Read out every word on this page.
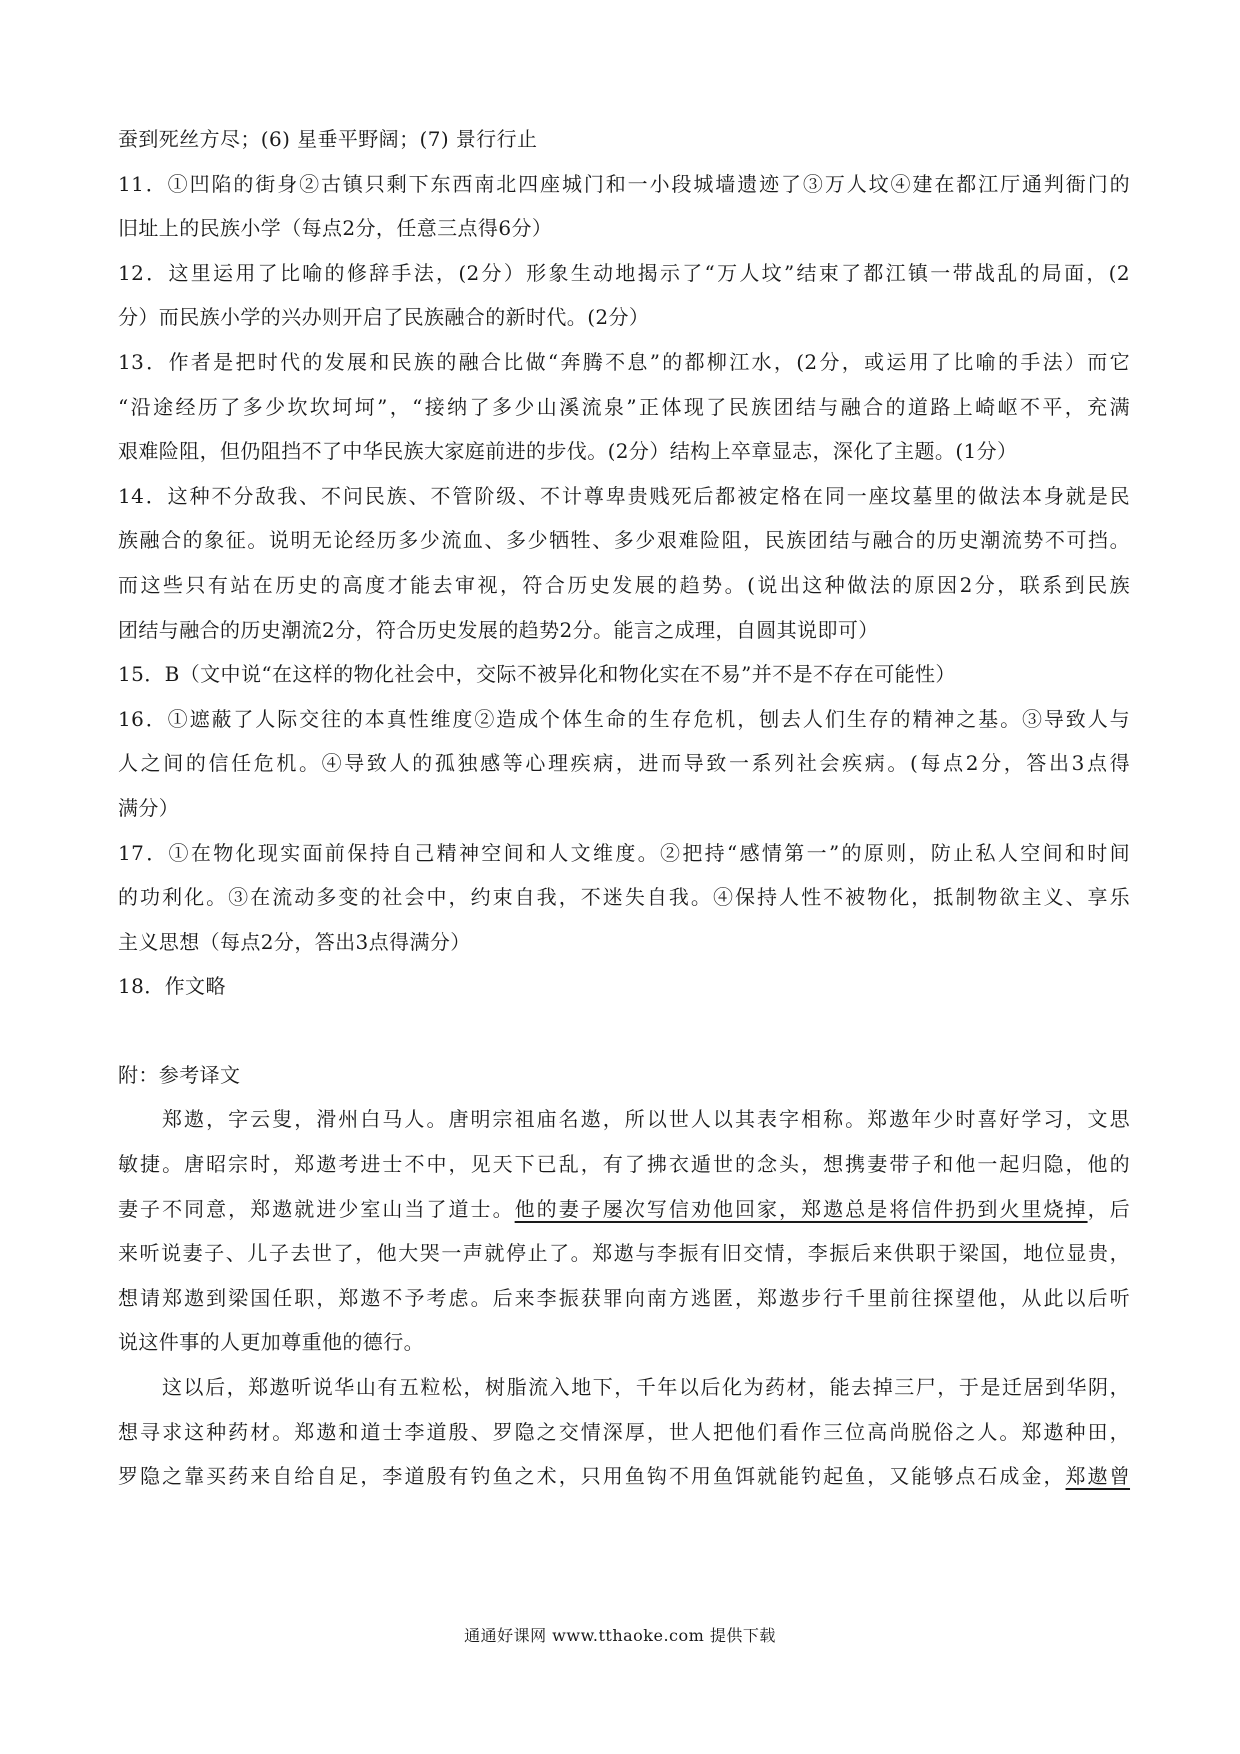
蚕到死丝方尽；(6) 星垂平野阔；(7) 景行行止
11．①凹陷的街身②古镇只剩下东西南北四座城门和一小段城墙遗迹了③万人坟④建在都江厅通判衙门的
旧址上的民族小学（每点2分，任意三点得6分）
12．这里运用了比喻的修辞手法，(2分）形象生动地揭示了“万人坟”结束了都江镇一带战乱的局面，(2
分）而民族小学的兴办则开启了民族融合的新时代。(2分）
13．作者是把时代的发展和民族的融合比做“奔腾不息”的都柳江水，(2分，或运用了比喻的手法）而它
“沿途经历了多少坎坎坷坷”，“接纳了多少山溪流泉”正体现了民族团结与融合的道路上崎岖不平，充满
艰难险阻，但仍阻挡不了中华民族大家庭前进的步伐。(2分）结构上卒章显志，深化了主题。(1分）
14．这种不分敌我、不问民族、不管阶级、不计尊卑贵贱死后都被定格在同一座坟墓里的做法本身就是民
族融合的象征。说明无论经历多少流血、多少牺牲、多少艰难险阻，民族团结与融合的历史潮流势不可挡。
而这些只有站在历史的高度才能去审视，符合历史发展的趋势。(说出这种做法的原因2分，联系到民族
团结与融合的历史潮流2分，符合历史发展的趋势2分。能言之成理，自圆其说即可）
15．B（文中说“在这样的物化社会中，交际不被异化和物化实在不易”并不是不存在可能性）
16．①遮蔽了人际交往的本真性维度②造成个体生命的生存危机，刨去人们生存的精神之基。③导致人与
人之间的信任危机。④导致人的孤独感等心理疾病，进而导致一系列社会疾病。(每点2分，答出3点得
满分）
17．①在物化现实面前保持自己精神空间和人文维度。②把持“感情第一”的原则，防止私人空间和时间
的功利化。③在流动多变的社会中，约束自我，不迷失自我。④保持人性不被物化，抵制物欲主义、享乐
主义思想（每点2分，答出3点得满分）
18．作文略
附：参考译文
郑遨，字云叟，滑州白马人。唐明宗祖庙名遨，所以世人以其表字相称。郑遨年少时喜好学习，文思
敏捷。唐昭宗时，郑遨考进士不中，见天下已乱，有了拂衣遁世的念头，想携妻带子和他一起归隐，他的
妻子不同意，郑遨就进少室山当了道士。他的妻子屡次写信劝他回家，郑遨总是将信件扔到火里烧掉，后
来听说妻子、儿子去世了，他大哭一声就停止了。郑遨与李振有旧交情，李振后来供职于梁国，地位显贵，
想请郑遨到梁国任职，郑遨不予考虑。后来李振获罪向南方逃匿，郑遨步行千里前往探望他，从此以后听
说这件事的人更加尊重他的德行。
这以后，郑遨听说华山有五粒松，树脂流入地下，千年以后化为药材，能去掉三尸，于是迁居到华阴，
想寻求这种药材。郑遨和道士李道殷、罗隐之交情深厚，世人把他们看作三位高尚脱俗之人。郑遨种田，
罗隐之靠买药来自给自足，李道殷有钓鱼之术，只用鱼钩不用鱼饵就能钓起鱼，又能够点石成金，郑遨曾
通通好课网 www.tthaoke.com 提供下载
